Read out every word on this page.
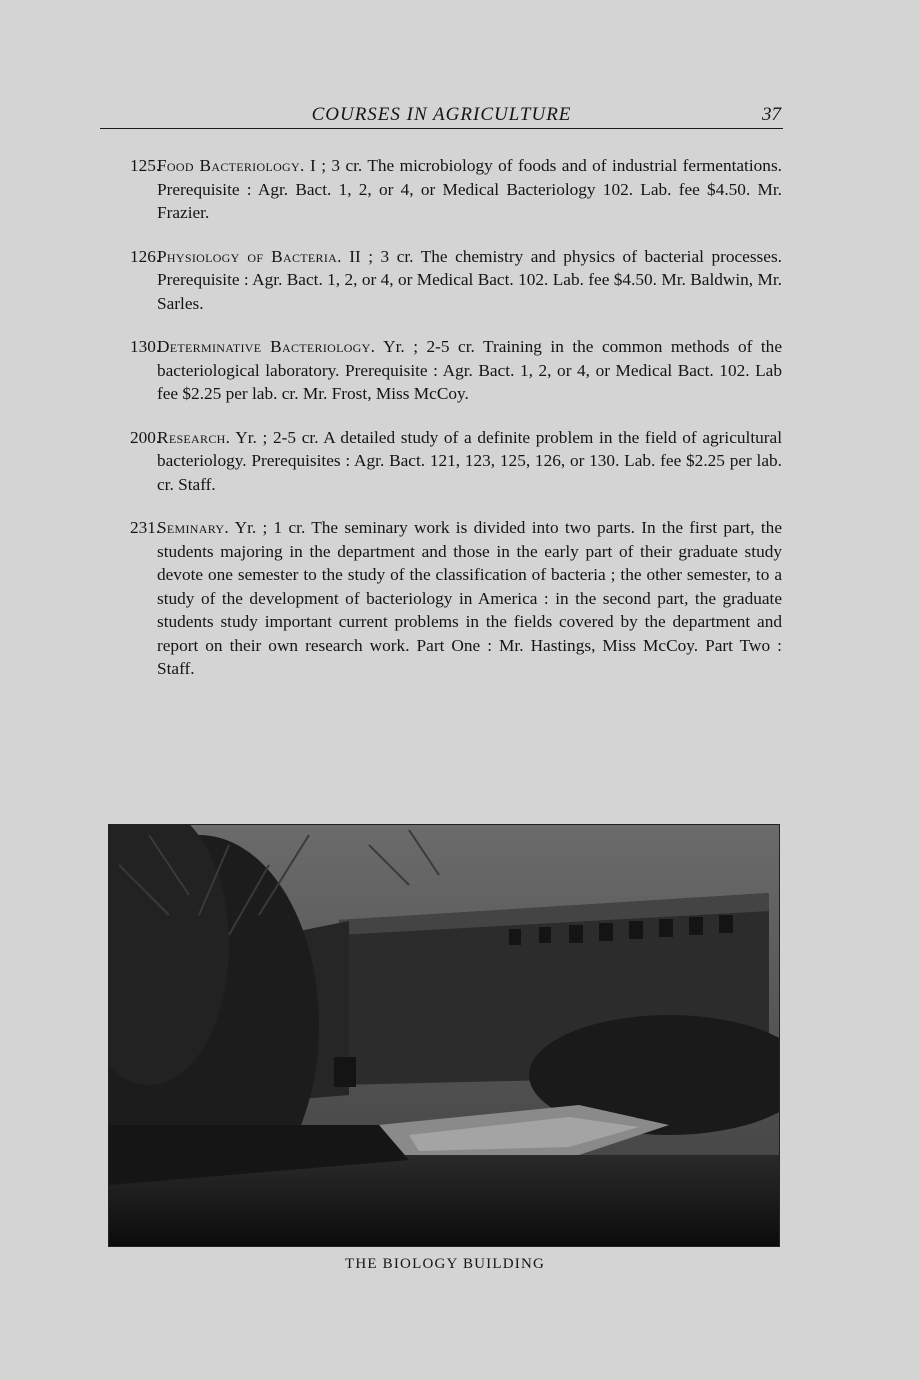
COURSES IN AGRICULTURE	37
125.
Food Bacteriology. I ; 3 cr. The microbiology of foods and of industrial fermentations. Prerequisite : Agr. Bact. 1, 2, or 4, or Medical Bacteriology 102. Lab. fee $4.50. Mr. Frazier.
126.
Physiology of Bacteria. II ; 3 cr. The chemistry and physics of bacterial processes. Prerequisite : Agr. Bact. 1, 2, or 4, or Medical Bact. 102. Lab. fee $4.50. Mr. Baldwin, Mr. Sarles.
130.
Determinative Bacteriology. Yr. ; 2-5 cr. Training in the common methods of the bacteriological laboratory. Prerequisite : Agr. Bact. 1, 2, or 4, or Medical Bact. 102. Lab fee $2.25 per lab. cr. Mr. Frost, Miss McCoy.
200.
Research. Yr. ; 2-5 cr. A detailed study of a definite problem in the field of agricultural bacteriology. Prerequisites : Agr. Bact. 121, 123, 125, 126, or 130. Lab. fee $2.25 per lab. cr. Staff.
231.
Seminary. Yr. ; 1 cr. The seminary work is divided into two parts. In the first part, the students majoring in the department and those in the early part of their graduate study devote one semester to the study of the classification of bacteria ; the other semester, to a study of the development of bacteriology in America : in the second part, the graduate students study important current problems in the fields covered by the department and report on their own research work. Part One : Mr. Hastings, Miss McCoy. Part Two : Staff.
THE BIOLOGY BUILDING
